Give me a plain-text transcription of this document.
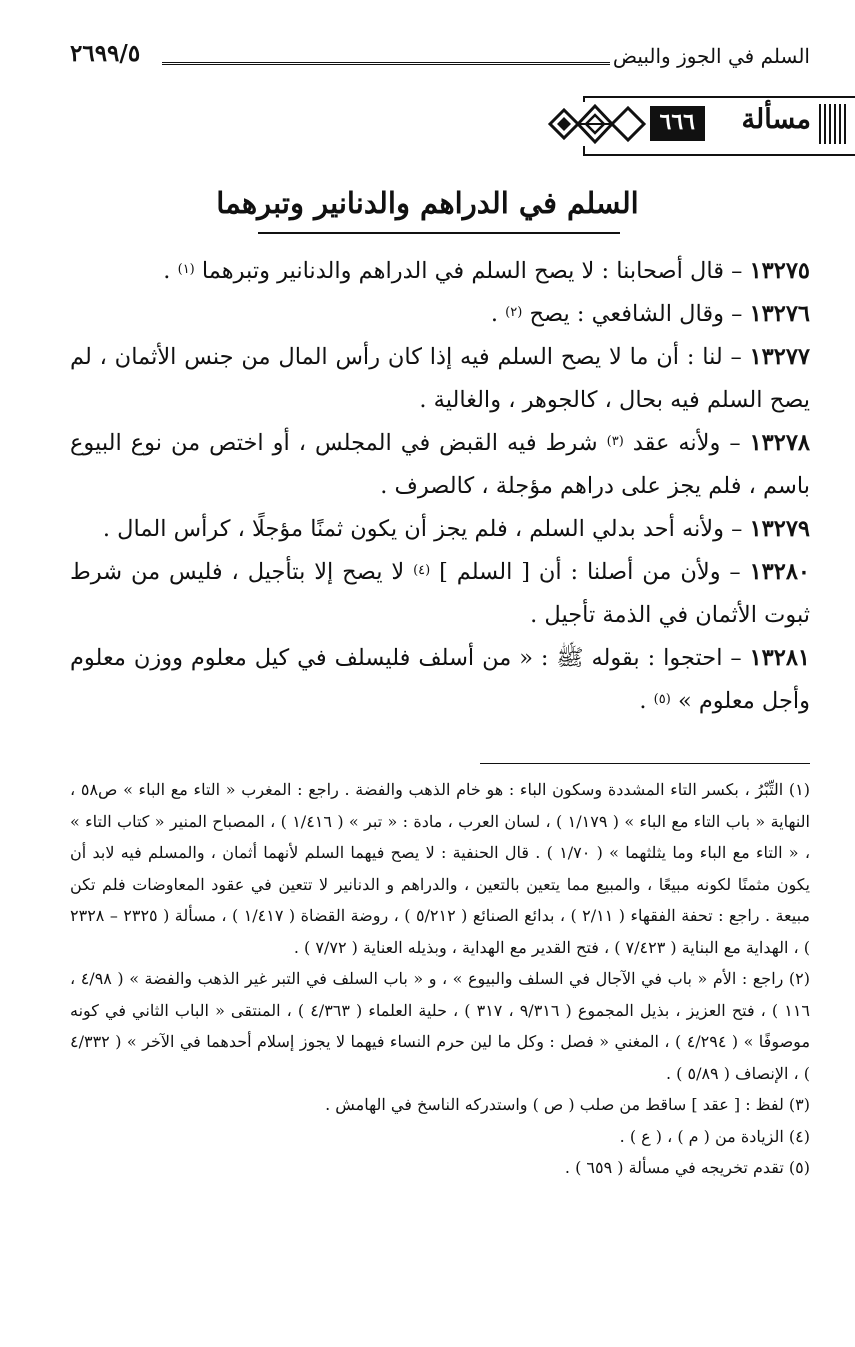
السلم في الجوز والبيض
٢٦٩٩/٥
مسألة
٦٦٦
السلم في الدراهم والدنانير وتبرهما

١٣٢٧٥ – قال أصحابنا : لا يصح السلم في الدراهم والدنانير وتبرهما $^{(١)}$ .

١٣٢٧٦ – وقال الشافعي : يصح $^{(٢)}$ .

١٣٢٧٧ – لنا : أن ما لا يصح السلم فيه إذا كان رأس المال من جنس الأثمان ، لم يصح السلم فيه بحال ، كالجوهر ، والغالية .

١٣٢٧٨ – ولأنه عقد $^{(٣)}$ شرط فيه القبض في المجلس ، أو اختص من نوع البيوع باسم ، فلم يجز على دراهم مؤجلة ، كالصرف .

١٣٢٧٩ – ولأنه أحد بدلي السلم ، فلم يجز أن يكون ثمنًا مؤجلًا ، كرأس المال .

١٣٢٨٠ – ولأن من أصلنا : أن [ السلم ] $^{(٤)}$ لا يصح إلا بتأجيل ، فليس من شرط ثبوت الأثمان في الذمة تأجيل .

١٣٢٨١ – احتجوا : بقوله ﷺ : « من أسلف فليسلف في كيل معلوم ووزن معلوم وأجل معلوم » $^{(٥)}$ .

(١) التِّبْرُ ، بكسر التاء المشددة وسكون الباء : هو خام الذهب والفضة . راجع : المغرب « التاء مع الباء » ص٥٨ ، النهاية « باب التاء مع الباء » ( ١/١٧٩ ) ، لسان العرب ، مادة : « تبر » ( ١/٤١٦ ) ، المصباح المنير « كتاب التاء » ، « التاء مع الباء وما يثلثهما » ( ١/٧٠ ) . قال الحنفية : لا يصح فيهما السلم لأنهما أثمان ، والمسلم فيه لابد أن يكون مثمنًا لكونه مبيعًا ، والمبيع مما يتعين بالتعين ، والدراهم و الدنانير لا تتعين في عقود المعاوضات فلم تكن مبيعة . راجع : تحفة الفقهاء ( ٢/١١ ) ، بدائع الصنائع ( ٥/٢١٢ ) ، روضة القضاة ( ١/٤١٧ ) ، مسألة ( ٢٣٢٥ – ٢٣٢٨ ) ، الهداية مع البناية ( ٧/٤٢٣ ) ، فتح القدير مع الهداية ، وبذيله العناية ( ٧/٧٢ ) .

(٢) راجع : الأم « باب في الآجال في السلف والبيوع » ، و « باب السلف في التبر غير الذهب والفضة » ( ٤/٩٨ ، ١١٦ ) ، فتح العزيز ، بذيل المجموع ( ٩/٣١٦ ، ٣١٧ ) ، حلية العلماء ( ٤/٣٦٣ ) ، المنتقى « الباب الثاني في كونه موصوفًا » ( ٤/٢٩٤ ) ، المغني « فصل : وكل ما لين حرم النساء فيهما لا يجوز إسلام أحدهما في الآخر » ( ٤/٣٣٢ ) ، الإنصاف ( ٥/٨٩ ) .

(٣) لفظ : [ عقد ] ساقط من صلب ( ص ) واستدركه الناسخ في الهامش .

(٤) الزيادة من ( م ) ، ( ع ) .

(٥) تقدم تخريجه في مسألة ( ٦٥٩ ) .
